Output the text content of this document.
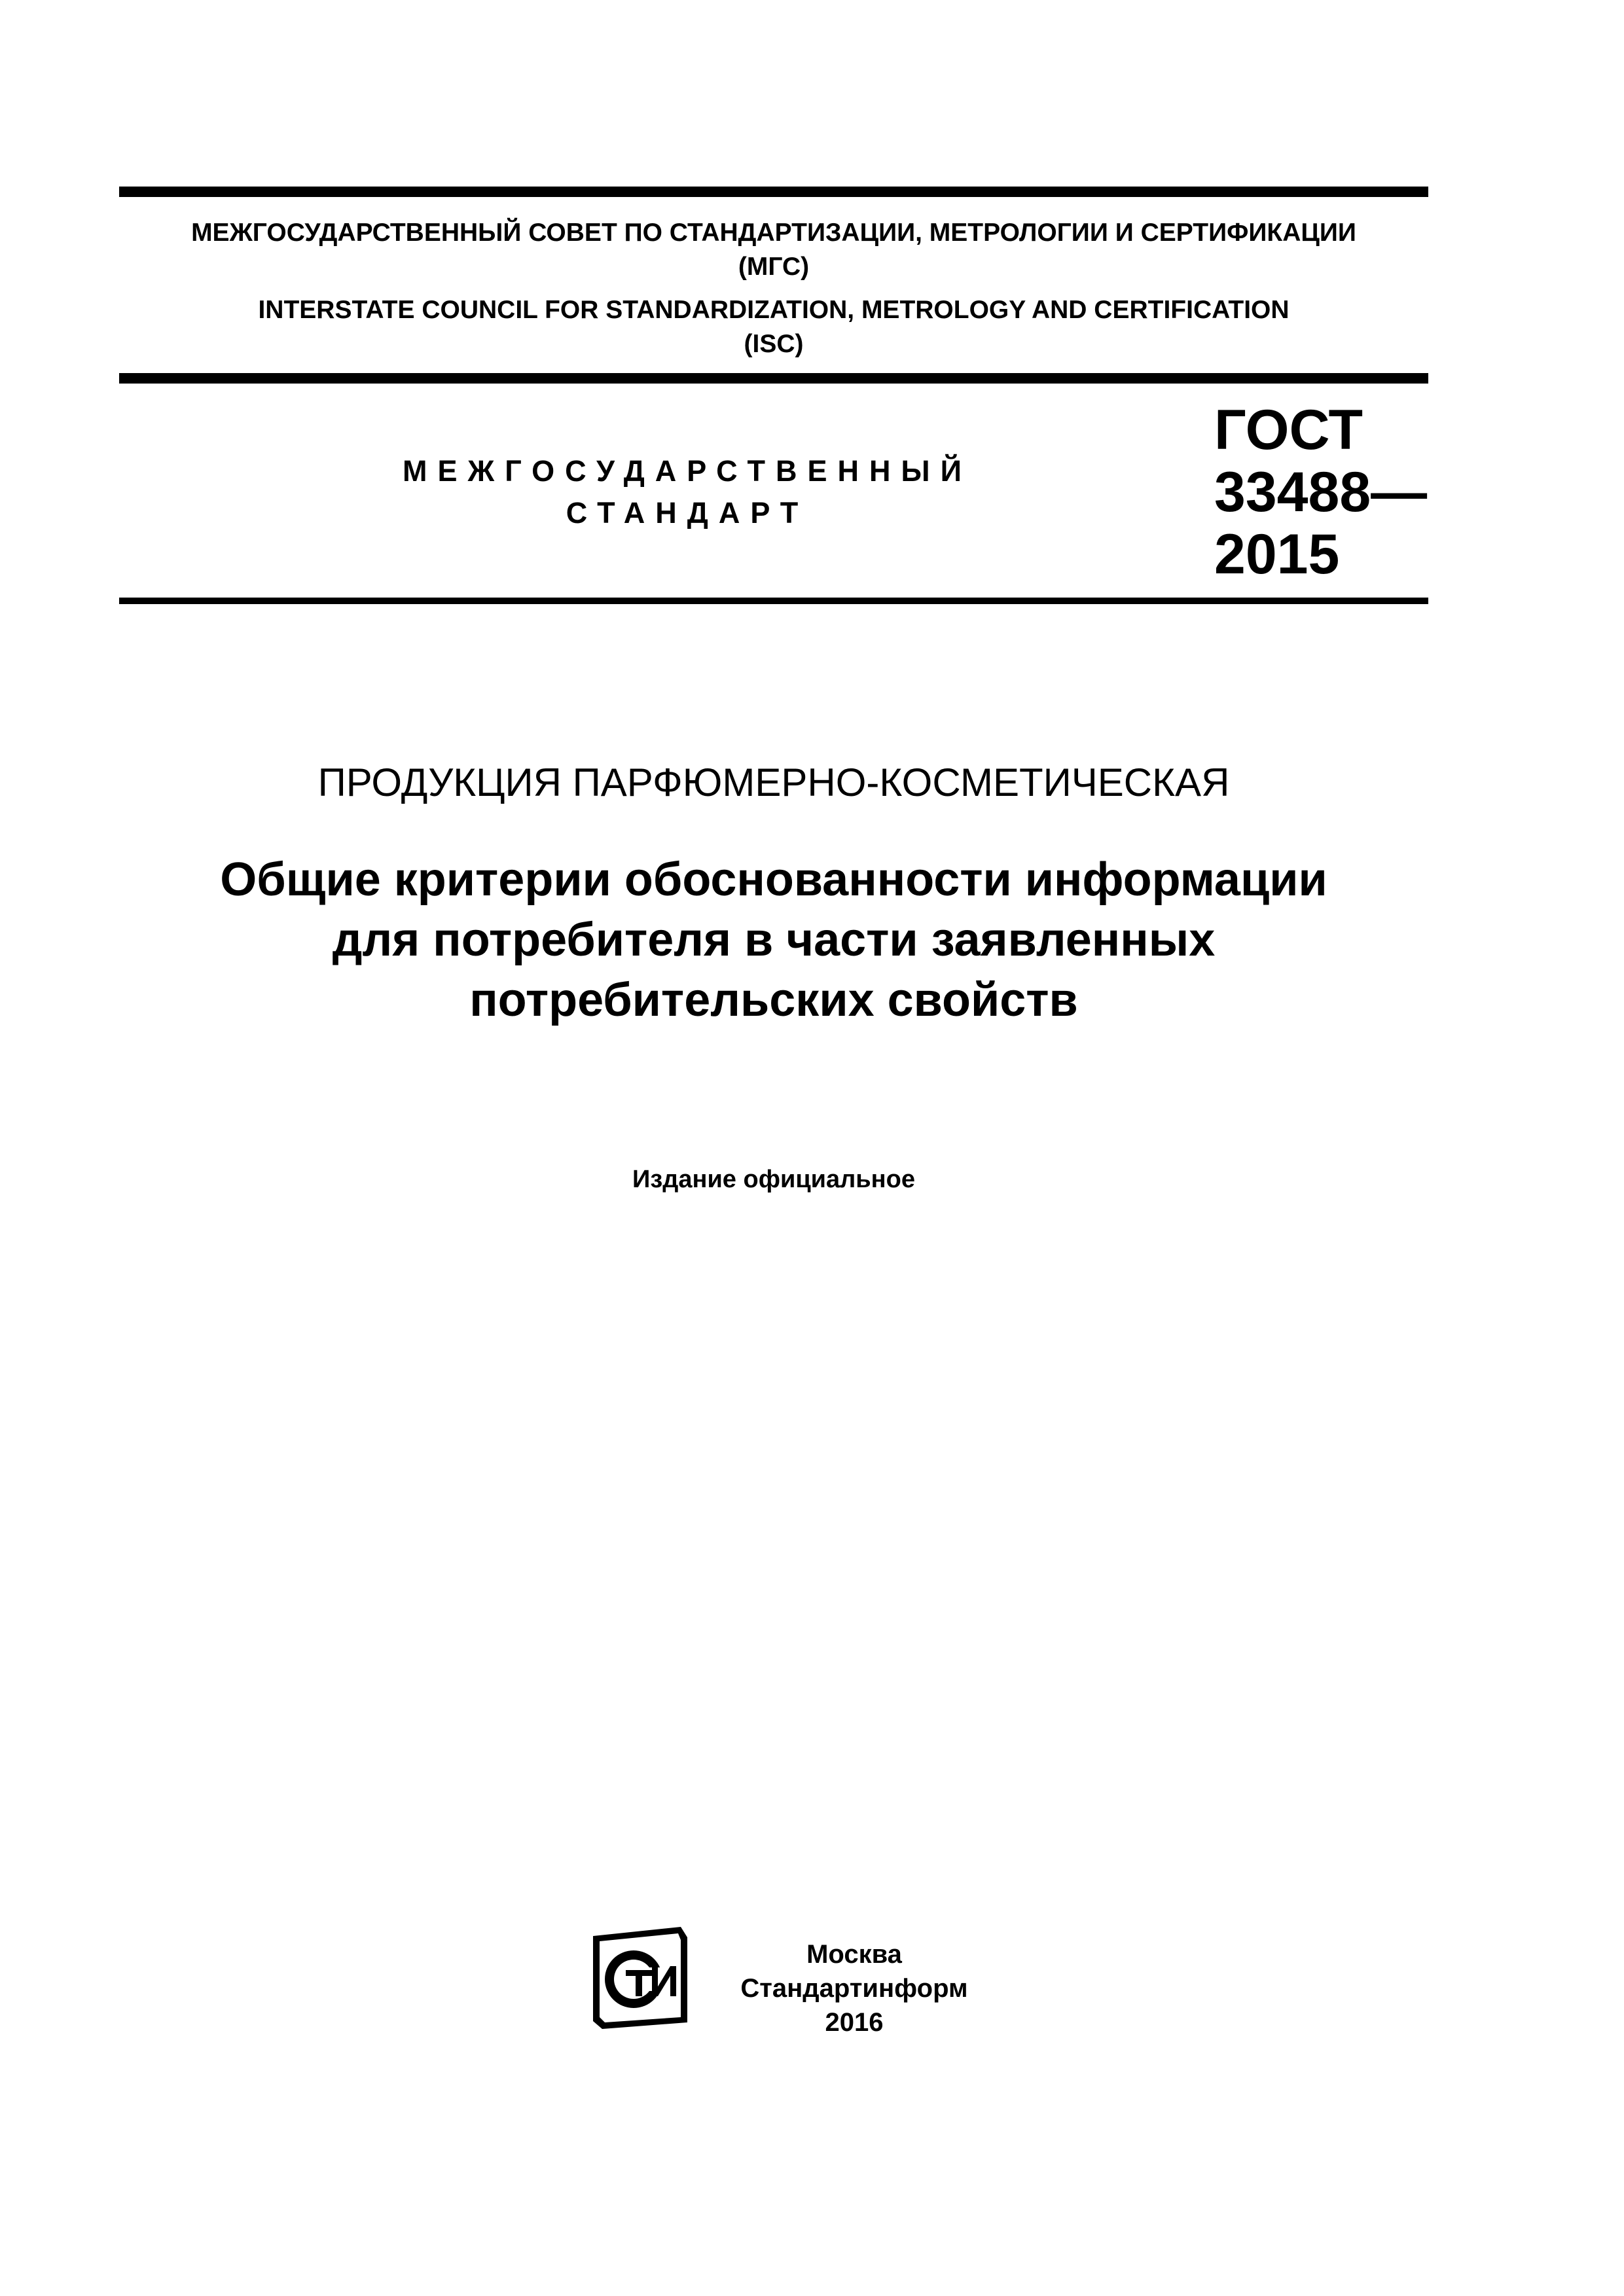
МЕЖГОСУДАРСТВЕННЫЙ СОВЕТ ПО СТАНДАРТИЗАЦИИ, МЕТРОЛОГИИ И СЕРТИФИКАЦИИ
(МГС)
INTERSTATE COUNCIL FOR STANDARDIZATION, METROLOGY AND CERTIFICATION
(ISC)
МЕЖГОСУДАРСТВЕННЫЙ
СТАНДАРТ
ГОСТ
33488—
2015
ПРОДУКЦИЯ ПАРФЮМЕРНО-КОСМЕТИЧЕСКАЯ
Общие критерии обоснованности информации
для потребителя в части заявленных
потребительских свойств
Издание официальное
Москва
Стандартинформ
2016
